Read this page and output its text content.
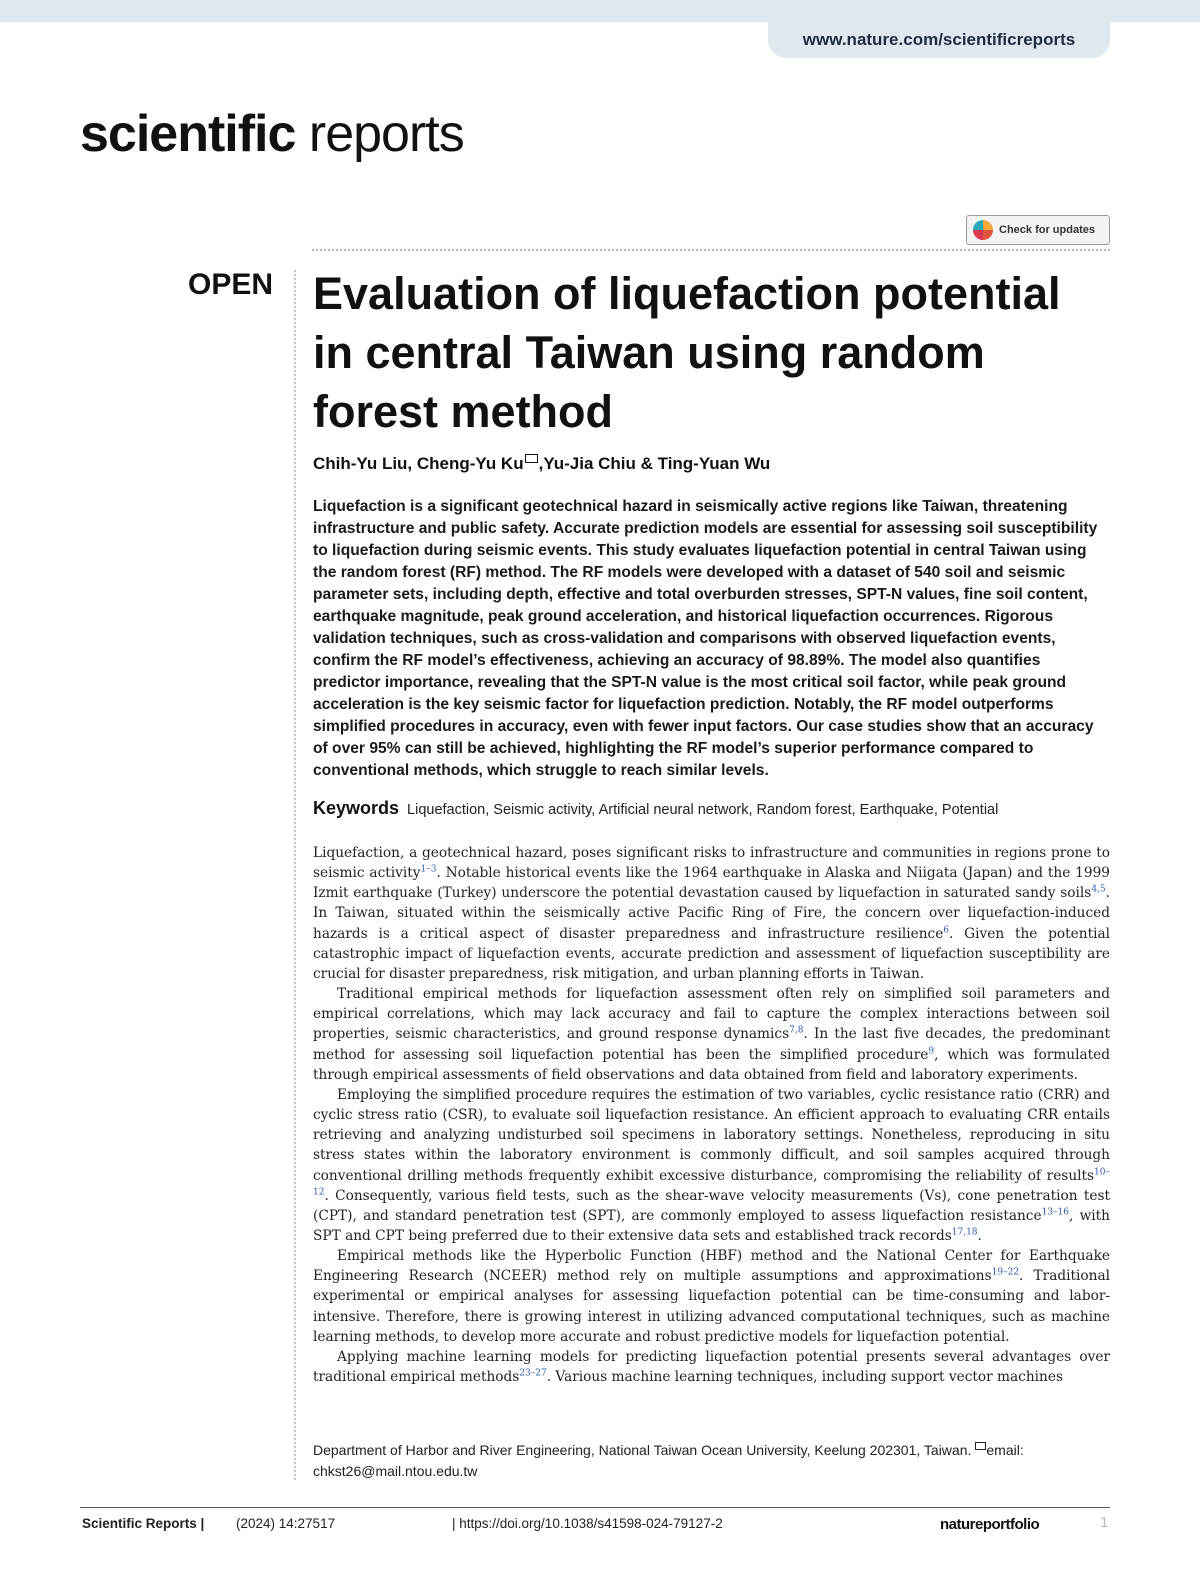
www.nature.com/scientificreports
scientific reports
Check for updates
OPEN Evaluation of liquefaction potential in central Taiwan using random forest method
Chih-Yu Liu, Cheng-Yu Ku ,Yu-Jia Chiu & Ting-Yuan Wu

Liquefaction is a significant geotechnical hazard in seismically active regions like Taiwan, threatening infrastructure and public safety. Accurate prediction models are essential for assessing soil susceptibility to liquefaction during seismic events. This study evaluates liquefaction potential in central Taiwan using the random forest (RF) method. The RF models were developed with a dataset of 540 soil and seismic parameter sets, including depth, effective and total overburden stresses, SPT-N values, fine soil content, earthquake magnitude, peak ground acceleration, and historical liquefaction occurrences. Rigorous validation techniques, such as cross-validation and comparisons with observed liquefaction events, confirm the RF model’s effectiveness, achieving an accuracy of 98.89%. The model also quantifies predictor importance, revealing that the SPT-N value is the most critical soil factor, while peak ground acceleration is the key seismic factor for liquefaction prediction. Notably, the RF model outperforms simplified procedures in accuracy, even with fewer input factors. Our case studies show that an accuracy of over 95% can still be achieved, highlighting the RF model’s superior performance compared to conventional methods, which struggle to reach similar levels.

Keywords Liquefaction, Seismic activity, Artificial neural network, Random forest, Earthquake, Potential

Liquefaction, a geotechnical hazard, poses significant risks to infrastructure and communities in regions prone to seismic activity$^{1-3}$. Notable historical events like the 1964 earthquake in Alaska and Niigata (Japan) and the 1999 Izmit earthquake (Turkey) underscore the potential devastation caused by liquefaction in saturated sandy soils$^{4,5}$. In Taiwan, situated within the seismically active Pacific Ring of Fire, the concern over liquefaction-induced hazards is a critical aspect of disaster preparedness and infrastructure resilience$^6$. Given the potential catastrophic impact of liquefaction events, accurate prediction and assessment of liquefaction susceptibility are crucial for disaster preparedness, risk mitigation, and urban planning efforts in Taiwan.

Traditional empirical methods for liquefaction assessment often rely on simplified soil parameters and empirical correlations, which may lack accuracy and fail to capture the complex interactions between soil properties, seismic characteristics, and ground response dynamics$^{7,8}$. In the last five decades, the predominant method for assessing soil liquefaction potential has been the simplified procedure$^9$, which was formulated through empirical assessments of field observations and data obtained from field and laboratory experiments.

Employing the simplified procedure requires the estimation of two variables, cyclic resistance ratio (CRR) and cyclic stress ratio (CSR), to evaluate soil liquefaction resistance. An efficient approach to evaluating CRR entails retrieving and analyzing undisturbed soil specimens in laboratory settings. Nonetheless, reproducing in situ stress states within the laboratory environment is commonly difficult, and soil samples acquired through conventional drilling methods frequently exhibit excessive disturbance, compromising the reliability of results$^{10-12}$. Consequently, various field tests, such as the shear-wave velocity measurements (Vs), cone penetration test (CPT), and standard penetration test (SPT), are commonly employed to assess liquefaction resistance$^{13-16}$, with SPT and CPT being preferred due to their extensive data sets and established track records$^{17,18}$.

Empirical methods like the Hyperbolic Function (HBF) method and the National Center for Earthquake Engineering Research (NCEER) method rely on multiple assumptions and approximations$^{19-22}$. Traditional experimental or empirical analyses for assessing liquefaction potential can be time-consuming and labor-intensive. Therefore, there is growing interest in utilizing advanced computational techniques, such as machine learning methods, to develop more accurate and robust predictive models for liquefaction potential.

Applying machine learning models for predicting liquefaction potential presents several advantages over traditional empirical methods$^{23-27}$. Various machine learning techniques, including support vector machines

Department of Harbor and River Engineering, National Taiwan Ocean University, Keelung 202301, Taiwan. email: chkst26@mail.ntou.edu.tw
Scientific Reports | (2024) 14:27517	| https://doi.org/10.1038/s41598-024-79127-2	natureportfolio	1
